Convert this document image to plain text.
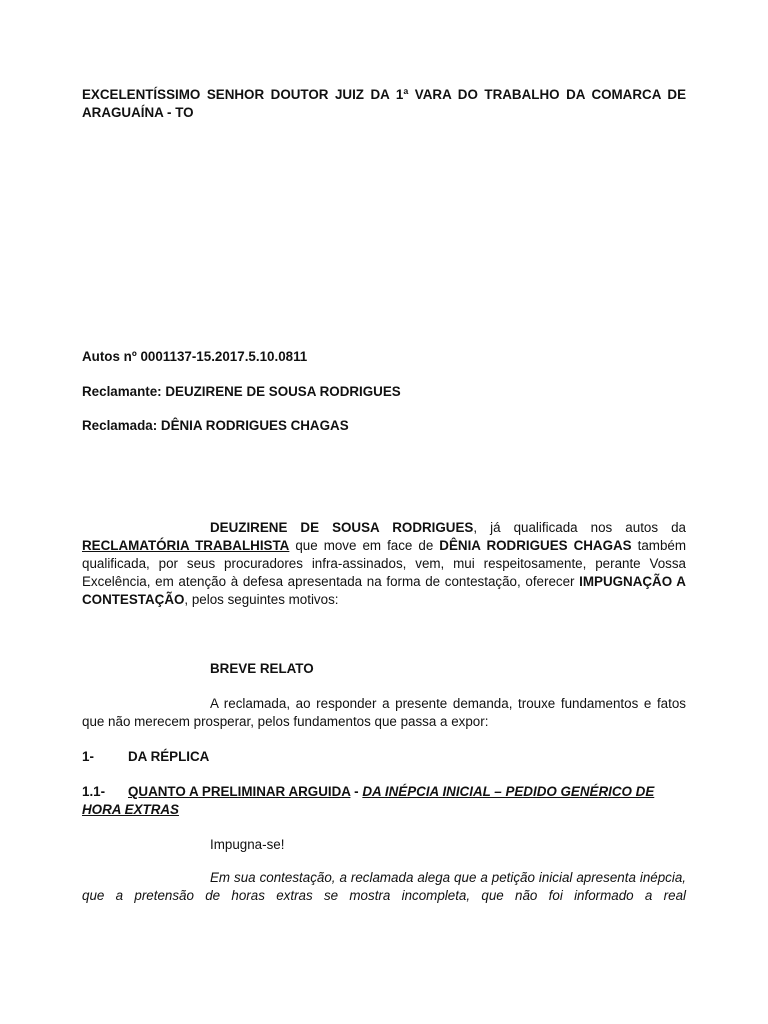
EXCELENTÍSSIMO SENHOR DOUTOR JUIZ DA 1ª VARA DO TRABALHO DA COMARCA DE

ARAGUAÍNA - TO

Autos nº 0001137-15.2017.5.10.0811
Reclamante: DEUZIRENE DE SOUSA RODRIGUES
Reclamada: DÊNIA RODRIGUES CHAGAS
DEUZIRENE DE SOUSA RODRIGUES, já qualificada nos autos da RECLAMATÓRIA TRABALHISTA que move em face de DÊNIA RODRIGUES CHAGAS também qualificada, por seus procuradores infra-assinados, vem, mui respeitosamente, perante Vossa Excelência, em atenção à defesa apresentada na forma de contestação, oferecer IMPUGNAÇÃO A CONTESTAÇÃO, pelos seguintes motivos:
BREVE RELATO
A reclamada, ao responder a presente demanda, trouxe fundamentos e fatos que não merecem prosperar, pelos fundamentos que passa a expor:
1-	DA RÉPLICA
1.1- QUANTO A PRELIMINAR ARGUIDA - DA INÉPCIA INICIAL – PEDIDO GENÉRICO DE HORA EXTRAS
Impugna-se!

Em sua contestação, a reclamada alega que a petição inicial apresenta inépcia, que a pretensão de horas extras se mostra incompleta, que não foi informado a real
